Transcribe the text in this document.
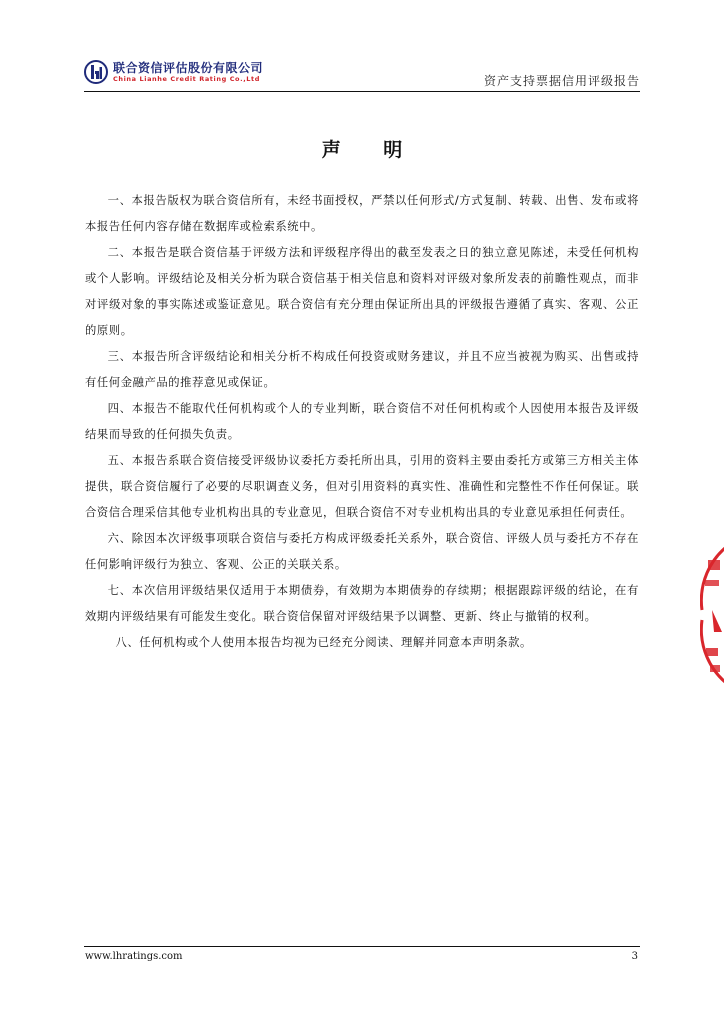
联合资信评估股份有限公司
China Lianhe Credit Rating Co.,Ltd	资产支持票据信用评级报告
声 明

一、本报告版权为联合资信所有，未经书面授权，严禁以任何形式/方式复制、转载、出售、发布或将本报告任何内容存储在数据库或检索系统中。

二、本报告是联合资信基于评级方法和评级程序得出的截至发表之日的独立意见陈述，未受任何机构或个人影响。评级结论及相关分析为联合资信基于相关信息和资料对评级对象所发表的前瞻性观点，而非对评级对象的事实陈述或鉴证意见。联合资信有充分理由保证所出具的评级报告遵循了真实、客观、公正的原则。

三、本报告所含评级结论和相关分析不构成任何投资或财务建议，并且不应当被视为购买、出售或持有任何金融产品的推荐意见或保证。

四、本报告不能取代任何机构或个人的专业判断，联合资信不对任何机构或个人因使用本报告及评级结果而导致的任何损失负责。

五、本报告系联合资信接受评级协议委托方委托所出具，引用的资料主要由委托方或第三方相关主体提供，联合资信履行了必要的尽职调查义务，但对引用资料的真实性、准确性和完整性不作任何保证。联合资信合理采信其他专业机构出具的专业意见，但联合资信不对专业机构出具的专业意见承担任何责任。

六、除因本次评级事项联合资信与委托方构成评级委托关系外，联合资信、评级人员与委托方不存在任何影响评级行为独立、客观、公正的关联关系。

七、本次信用评级结果仅适用于本期债券，有效期为本期债券的存续期；根据跟踪评级的结论，在有效期内评级结果有可能发生变化。联合资信保留对评级结果予以调整、更新、终止与撤销的权利。

八、任何机构或个人使用本报告均视为已经充分阅读、理解并同意本声明条款。

www.lhratings.com	3
